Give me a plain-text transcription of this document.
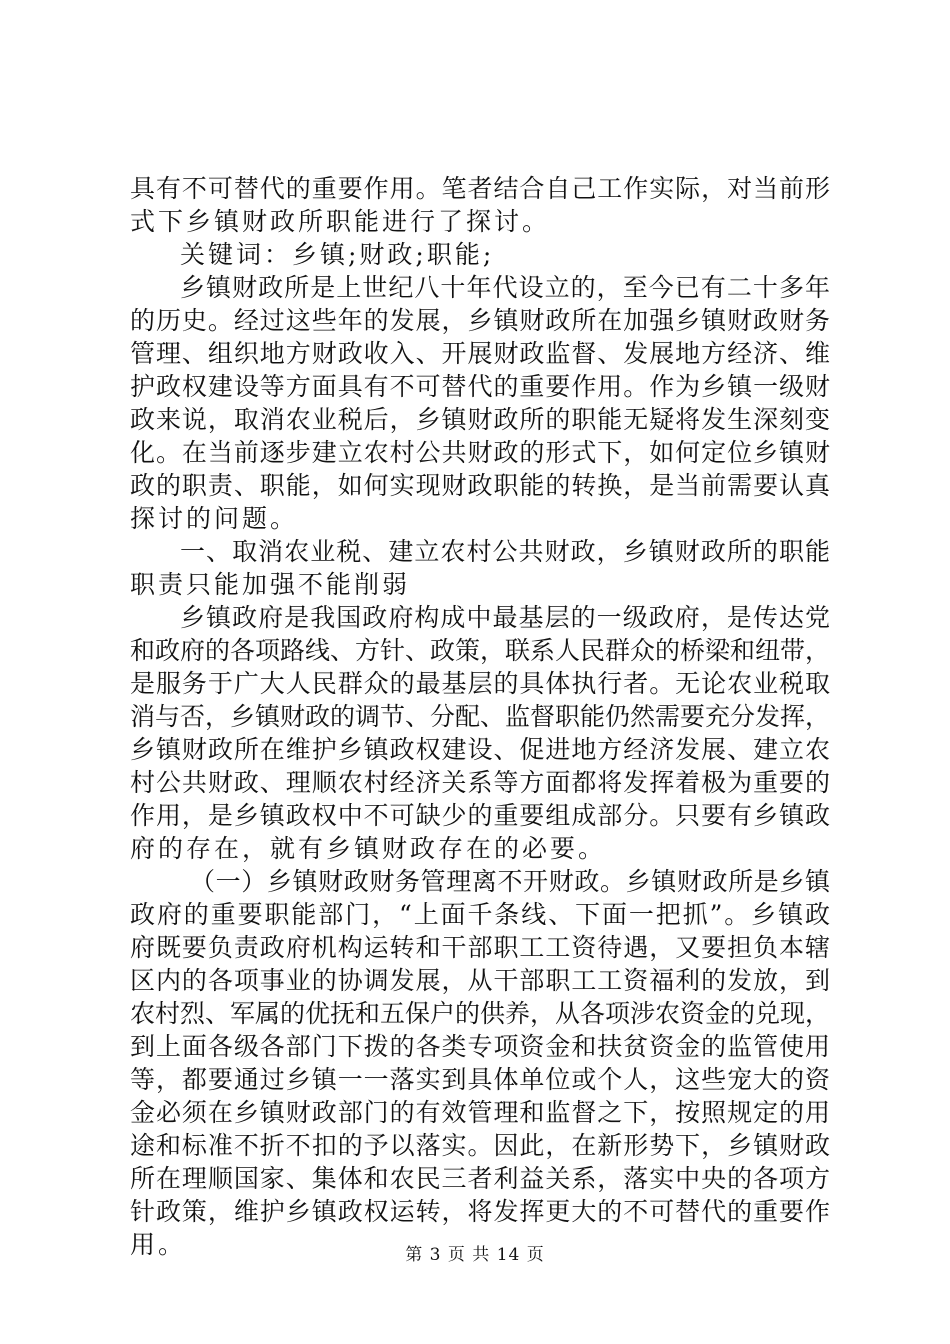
具有不可替代的重要作用。笔者结合自己工作实际，对当前形

式下乡镇财政所职能进行了探讨。

关键词：乡镇;财政;职能;

乡镇财政所是上世纪八十年代设立的，至今已有二十多年

的历史。经过这些年的发展，乡镇财政所在加强乡镇财政财务

管理、组织地方财政收入、开展财政监督、发展地方经济、维

护政权建设等方面具有不可替代的重要作用。作为乡镇一级财

政来说，取消农业税后，乡镇财政所的职能无疑将发生深刻变

化。在当前逐步建立农村公共财政的形式下，如何定位乡镇财

政的职责、职能，如何实现财政职能的转换，是当前需要认真

探讨的问题。

一、取消农业税、建立农村公共财政，乡镇财政所的职能

职责只能加强不能削弱

乡镇政府是我国政府构成中最基层的一级政府，是传达党

和政府的各项路线、方针、政策，联系人民群众的桥梁和纽带，

是服务于广大人民群众的最基层的具体执行者。无论农业税取

消与否，乡镇财政的调节、分配、监督职能仍然需要充分发挥，

乡镇财政所在维护乡镇政权建设、促进地方经济发展、建立农

村公共财政、理顺农村经济关系等方面都将发挥着极为重要的

作用，是乡镇政权中不可缺少的重要组成部分。只要有乡镇政

府的存在，就有乡镇财政存在的必要。

（一）乡镇财政财务管理离不开财政。乡镇财政所是乡镇

政府的重要职能部门，“上面千条线、下面一把抓”。乡镇政

府既要负责政府机构运转和干部职工工资待遇，又要担负本辖

区内的各项事业的协调发展，从干部职工工资福利的发放，到

农村烈、军属的优抚和五保户的供养，从各项涉农资金的兑现，

到上面各级各部门下拨的各类专项资金和扶贫资金的监管使用

等，都要通过乡镇一一落实到具体单位或个人，这些宠大的资

金必须在乡镇财政部门的有效管理和监督之下，按照规定的用

途和标准不折不扣的予以落实。因此，在新形势下，乡镇财政

所在理顺国家、集体和农民三者利益关系，落实中央的各项方

针政策，维护乡镇政权运转，将发挥更大的不可替代的重要作

用。	第 3 页 共 14 页
